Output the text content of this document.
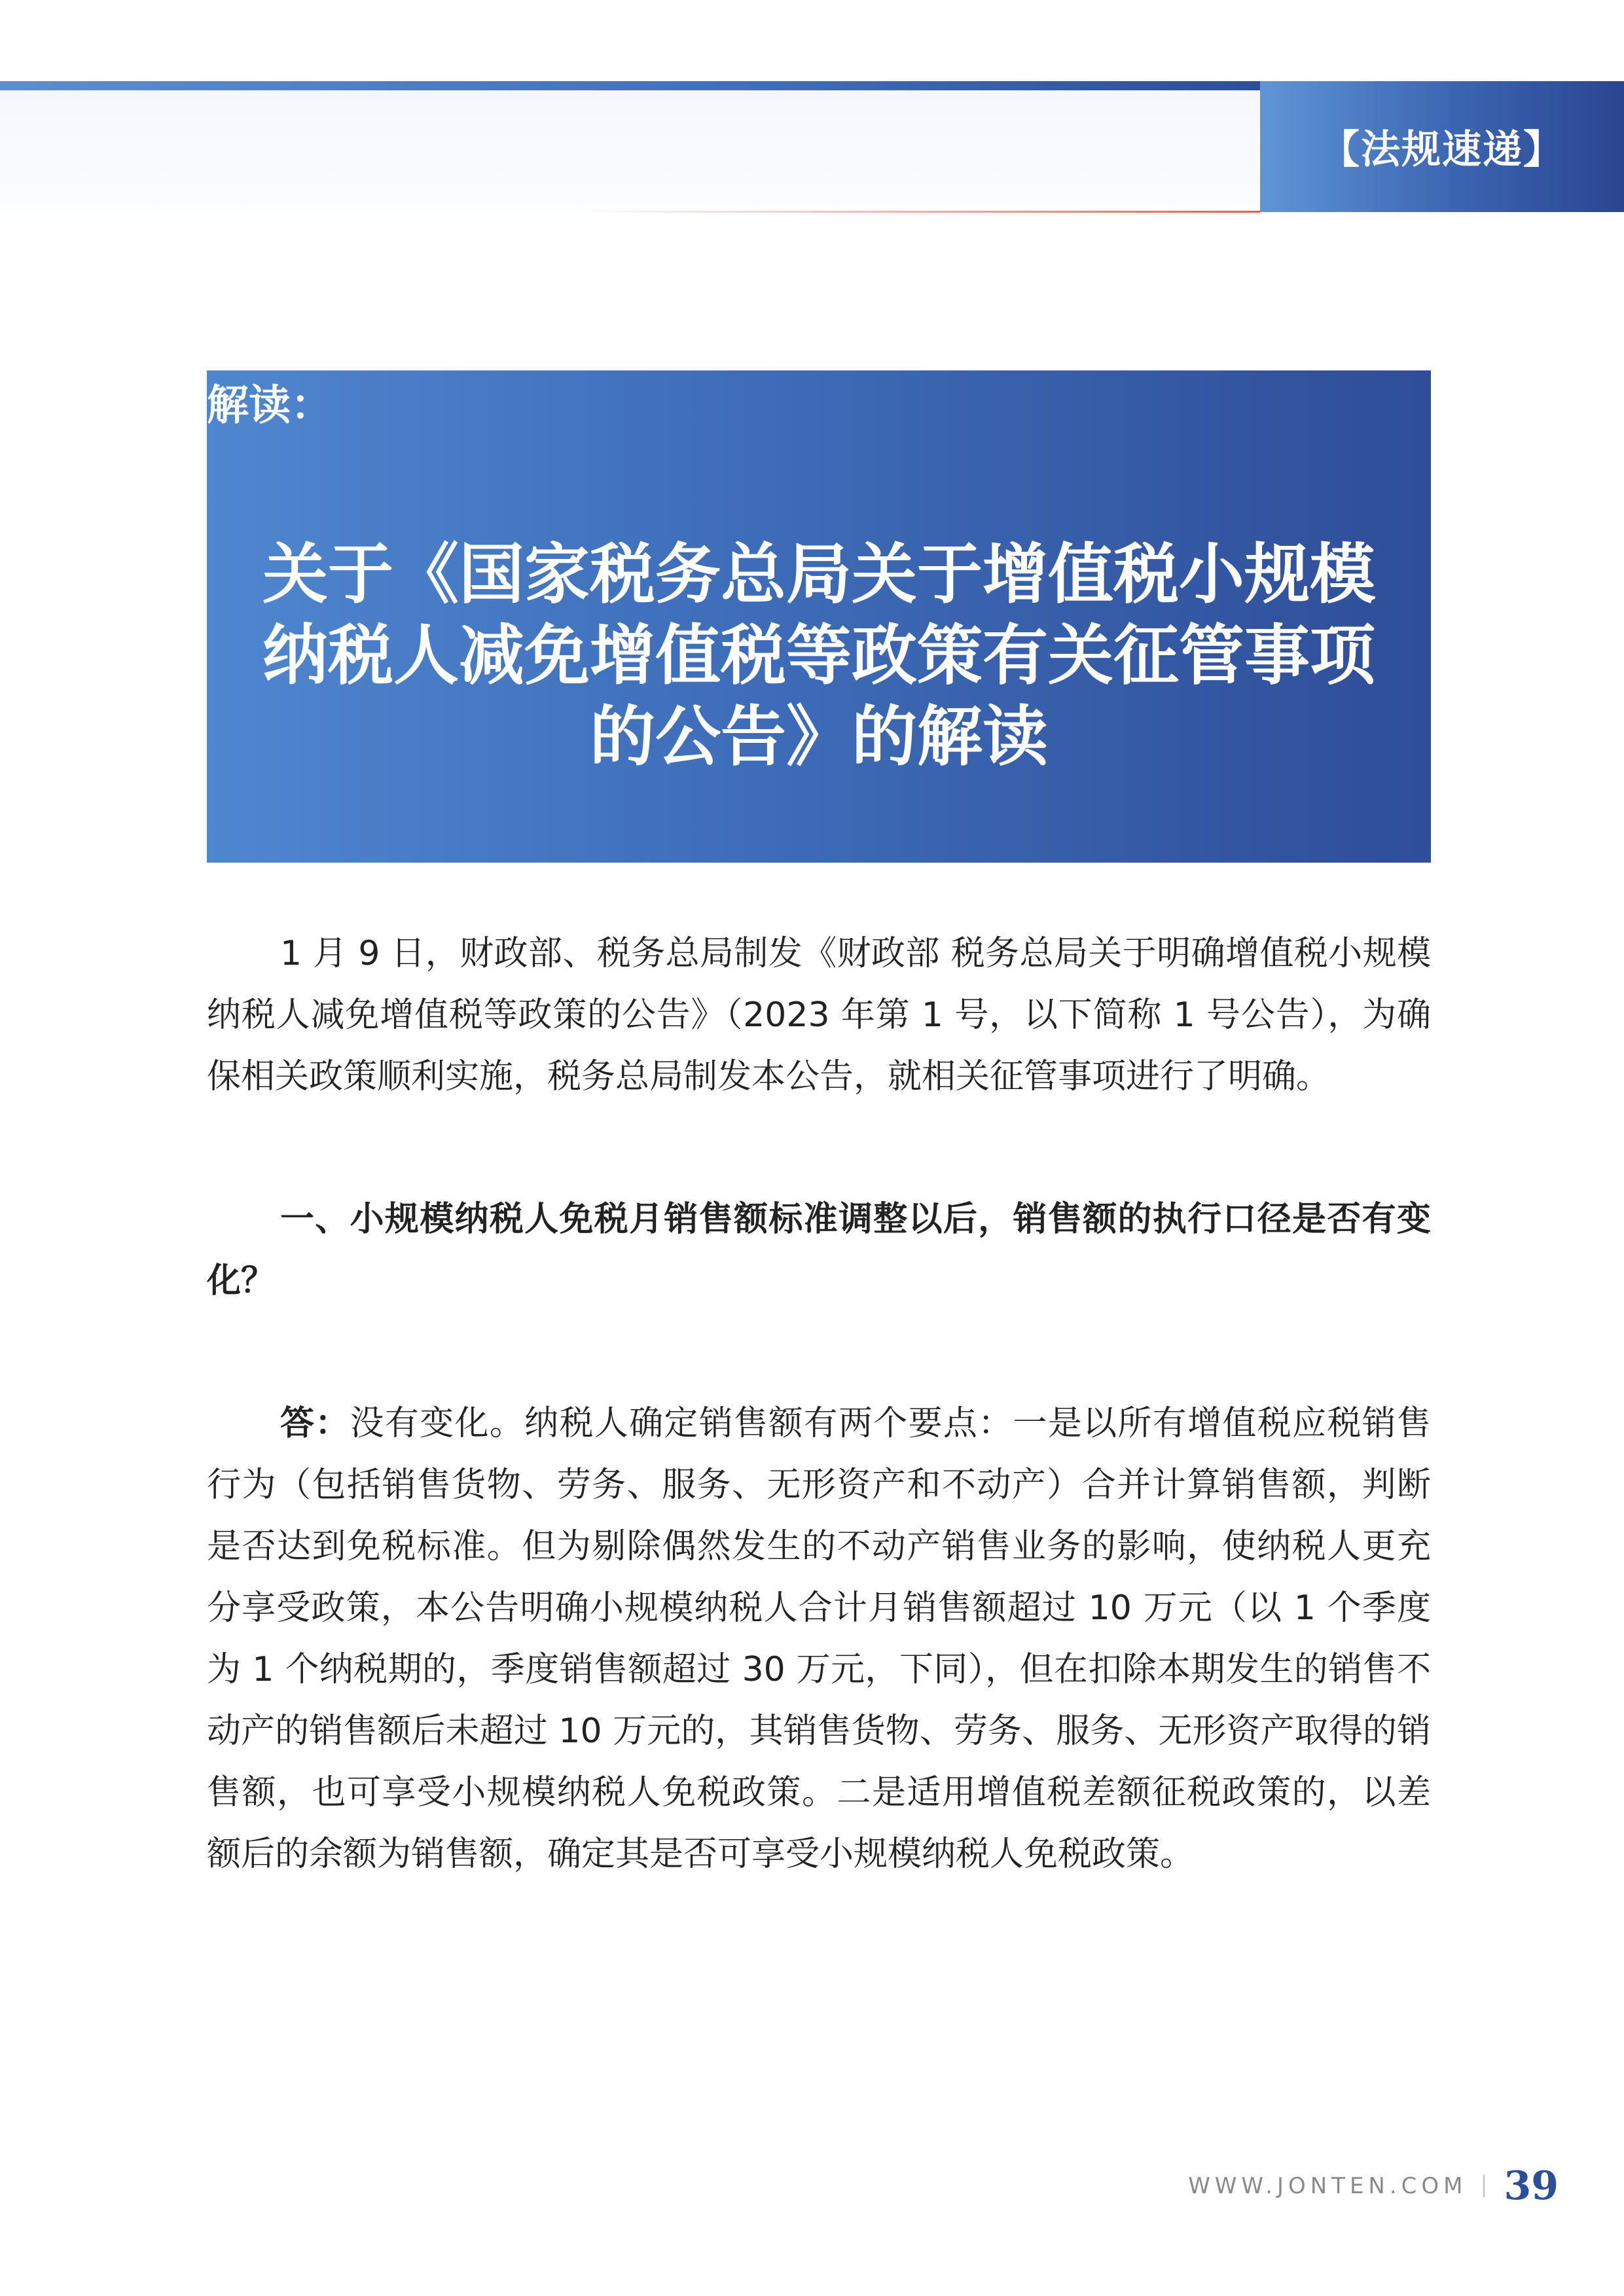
【法规速递】
解读：
关于《国家税务总局关于增值税小规模纳税人减免增值税等政策有关征管事项的公告》的解读

1 月 9 日，财政部、税务总局制发《财政部 税务总局关于明确增值税小规模纳税人减免增值税等政策的公告》（2023 年第 1 号，以下简称 1 号公告），为确保相关政策顺利实施，税务总局制发本公告，就相关征管事项进行了明确。

一、小规模纳税人免税月销售额标准调整以后，销售额的执行口径是否有变化？

答：没有变化。纳税人确定销售额有两个要点：一是以所有增值税应税销售行为（包括销售货物、劳务、服务、无形资产和不动产）合并计算销售额，判断是否达到免税标准。但为剔除偶然发生的不动产销售业务的影响，使纳税人更充分享受政策，本公告明确小规模纳税人合计月销售额超过 10 万元（以 1 个季度为 1 个纳税期的，季度销售额超过 30 万元，下同），但在扣除本期发生的销售不动产的销售额后未超过 10 万元的，其销售货物、劳务、服务、无形资产取得的销售额，也可享受小规模纳税人免税政策。二是适用增值税差额征税政策的，以差额后的余额为销售额，确定其是否可享受小规模纳税人免税政策。

WWW.JONTEN.COM 39
